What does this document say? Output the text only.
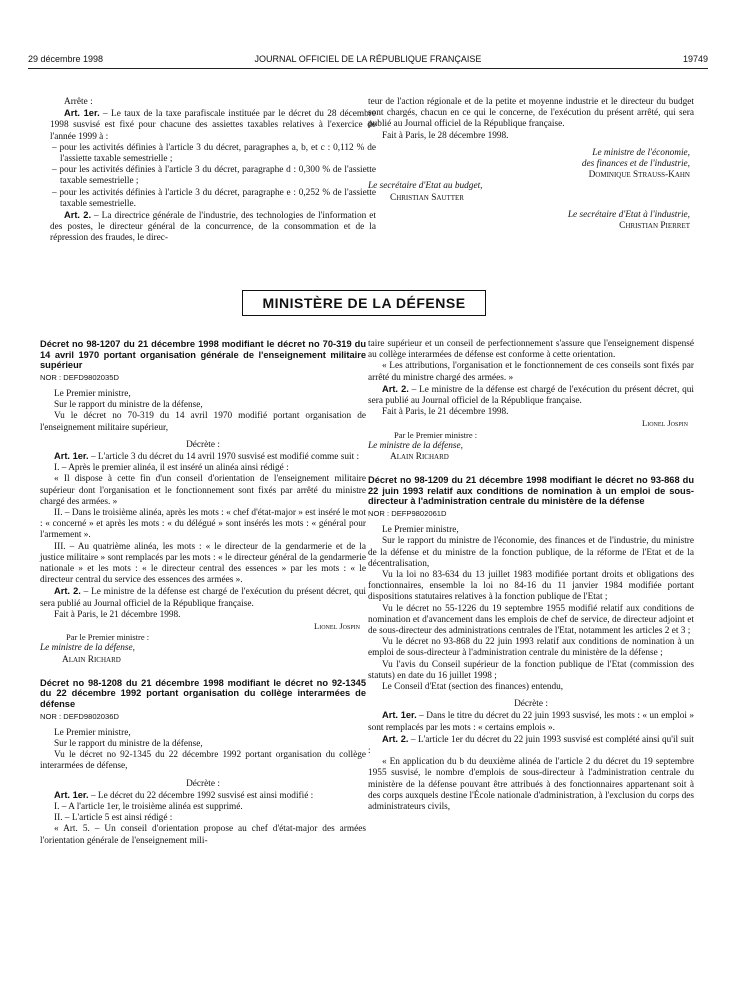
29 décembre 1998	JOURNAL OFFICIEL DE LA RÉPUBLIQUE FRANÇAISE	19749

Arrête :

Art. 1er. – Le taux de la taxe parafiscale instituée par le décret du 28 décembre 1998 susvisé est fixé pour chacune des assiettes taxables relatives à l'exercice de l'année 1999 à :

– pour les activités définies à l'article 3 du décret, paragraphes a, b, et c : 0,112 % de l'assiette taxable semestrielle ;

– pour les activités définies à l'article 3 du décret, paragraphe d : 0,300 % de l'assiette taxable semestrielle ;

– pour les activités définies à l'article 3 du décret, paragraphe e : 0,252 % de l'assiette taxable semestrielle.

Art. 2. – La directrice générale de l'industrie, des technologies de l'information et des postes, le directeur général de la concurrence, de la consommation et de la répression des fraudes, le direc-

teur de l'action régionale et de la petite et moyenne industrie et le directeur du budget sont chargés, chacun en ce qui le concerne, de l'exécution du présent arrêté, qui sera publié au Journal officiel de la République française.

Fait à Paris, le 28 décembre 1998.

Le ministre de l'économie,

des finances et de l'industrie,

Dominique Strauss-Kahn

Le secrétaire d'Etat au budget,

Christian Sautter

Le secrétaire d'Etat à l'industrie,

Christian Pierret

MINISTÈRE DE LA DÉFENSE

Décret no 98-1207 du 21 décembre 1998 modifiant le décret no 70-319 du 14 avril 1970 portant organisation générale de l'enseignement militaire supérieur

NOR : DEFD9802035D

Le Premier ministre,

Sur le rapport du ministre de la défense,

Vu le décret no 70-319 du 14 avril 1970 modifié portant organisation de l'enseignement militaire supérieur,

Décrète :

Art. 1er. – L'article 3 du décret du 14 avril 1970 susvisé est modifié comme suit :

I. – Après le premier alinéa, il est inséré un alinéa ainsi rédigé :

« Il dispose à cette fin d'un conseil d'orientation de l'enseignement militaire supérieur dont l'organisation et le fonctionnement sont fixés par arrêté du ministre chargé des armées. »

II. – Dans le troisième alinéa, après les mots : « chef d'état-major » est inséré le mot : « concerné » et après les mots : « du délégué » sont insérés les mots : « général pour l'armement ».

III. – Au quatrième alinéa, les mots : « le directeur de la gendarmerie et de la justice militaire » sont remplacés par les mots : « le directeur général de la gendarmerie nationale » et les mots : « le directeur central des essences » par les mots : « le directeur central du service des essences des armées ».

Art. 2. – Le ministre de la défense est chargé de l'exécution du présent décret, qui sera publié au Journal officiel de la République française.

Fait à Paris, le 21 décembre 1998.

Lionel Jospin

Par le Premier ministre :

Le ministre de la défense,

Alain Richard

Décret no 98-1208 du 21 décembre 1998 modifiant le décret no 92-1345 du 22 décembre 1992 portant organisation du collège interarmées de défense

NOR : DEFD9802036D

Le Premier ministre,

Sur le rapport du ministre de la défense,

Vu le décret no 92-1345 du 22 décembre 1992 portant organisation du collège interarmées de défense,

Décrète :

Art. 1er. – Le décret du 22 décembre 1992 susvisé est ainsi modifié :

I. – A l'article 1er, le troisième alinéa est supprimé.

II. – L'article 5 est ainsi rédigé :

« Art. 5. – Un conseil d'orientation propose au chef d'état-major des armées l'orientation générale de l'enseignement mili-

taire supérieur et un conseil de perfectionnement s'assure que l'enseignement dispensé au collège interarmées de défense est conforme à cette orientation.

« Les attributions, l'organisation et le fonctionnement de ces conseils sont fixés par arrêté du ministre chargé des armées. »

Art. 2. – Le ministre de la défense est chargé de l'exécution du présent décret, qui sera publié au Journal officiel de la République française.

Fait à Paris, le 21 décembre 1998.

Lionel Jospin

Par le Premier ministre :

Le ministre de la défense,

Alain Richard

Décret no 98-1209 du 21 décembre 1998 modifiant le décret no 93-868 du 22 juin 1993 relatif aux conditions de nomination à un emploi de sous-directeur à l'administration centrale du ministère de la défense

NOR : DEFP9802061D

Le Premier ministre,

Sur le rapport du ministre de l'économie, des finances et de l'industrie, du ministre de la défense et du ministre de la fonction publique, de la réforme de l'Etat et de la décentralisation,

Vu la loi no 83-634 du 13 juillet 1983 modifiée portant droits et obligations des fonctionnaires, ensemble la loi no 84-16 du 11 janvier 1984 modifiée portant dispositions statutaires relatives à la fonction publique de l'Etat ;

Vu le décret no 55-1226 du 19 septembre 1955 modifié relatif aux conditions de nomination et d'avancement dans les emplois de chef de service, de directeur adjoint et de sous-directeur des administrations centrales de l'Etat, notamment les articles 2 et 3 ;

Vu le décret no 93-868 du 22 juin 1993 relatif aux conditions de nomination à un emploi de sous-directeur à l'administration centrale du ministère de la défense ;

Vu l'avis du Conseil supérieur de la fonction publique de l'Etat (commission des statuts) en date du 16 juillet 1998 ;

Le Conseil d'Etat (section des finances) entendu,

Décrète :

Art. 1er. – Dans le titre du décret du 22 juin 1993 susvisé, les mots : « un emploi » sont remplacés par les mots : « certains emplois ».

Art. 2. – L'article 1er du décret du 22 juin 1993 susvisé est complété ainsi qu'il suit :

« En application du b du deuxième alinéa de l'article 2 du décret du 19 septembre 1955 susvisé, le nombre d'emplois de sous-directeur à l'administration centrale du ministère de la défense pouvant être attribués à des fonctionnaires appartenant soit à des corps auxquels destine l'École nationale d'administration, à l'exclusion du corps des administrateurs civils,
